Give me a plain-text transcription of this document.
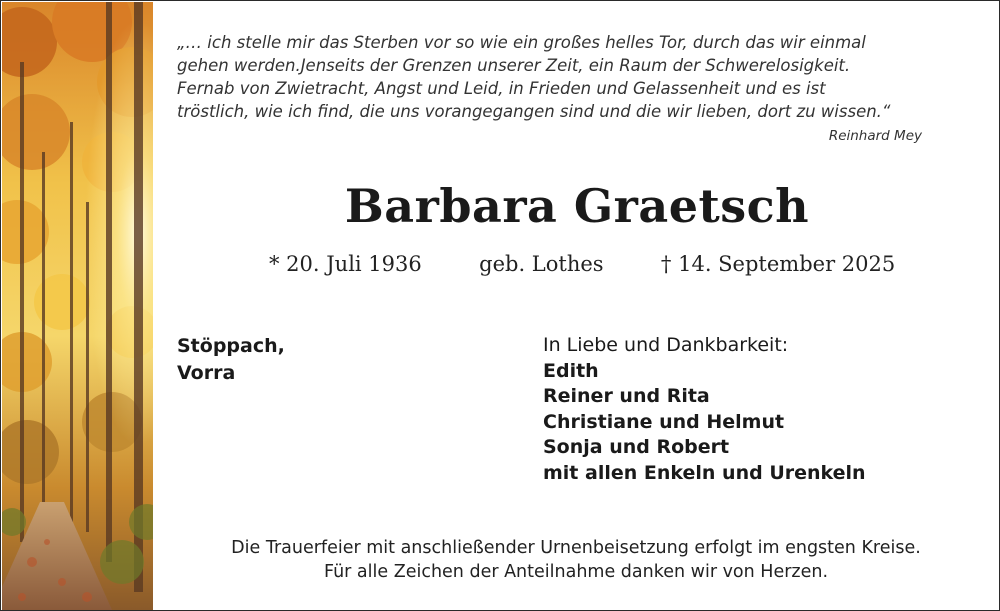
„… ich stelle mir das Sterben vor so wie ein großes helles Tor, durch das wir einmal
gehen werden.Jenseits der Grenzen unserer Zeit, ein Raum der Schwerelosigkeit.
Fernab von Zwietracht, Angst und Leid, in Frieden und Gelassenheit und es ist
tröstlich, wie ich find, die uns vorangegangen sind und die wir lieben, dort zu wissen.“
Reinhard Mey
Barbara Graetsch
* 20. Juli 1936	geb. Lothes	† 14. September 2025
Stöppach,
Vorra
In Liebe und Dankbarkeit:
Edith
Reiner und Rita
Christiane und Helmut
Sonja und Robert
mit allen Enkeln und Urenkeln
Die Trauerfeier mit anschließender Urnenbeisetzung erfolgt im engsten Kreise.
Für alle Zeichen der Anteilnahme danken wir von Herzen.
